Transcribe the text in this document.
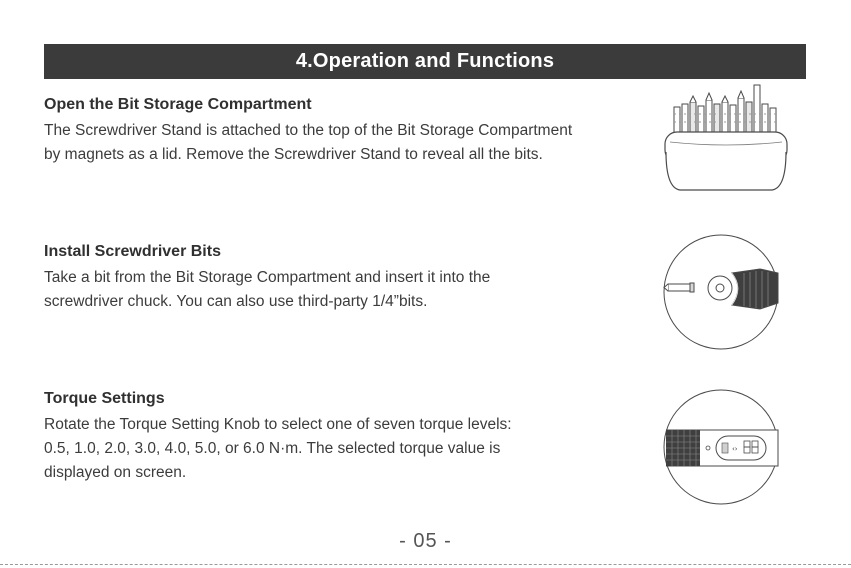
4.Operation and Functions
Open the Bit Storage Compartment

The Screwdriver Stand is attached to the top of the Bit Storage Compartment
by magnets as a lid. Remove the Screwdriver Stand to reveal all the bits.

Install Screwdriver Bits

Take a bit from the Bit Storage Compartment and insert it into the
screwdriver chuck. You can also use third-party 1/4”bits.

Torque Settings

Rotate the Torque Setting Knob to select one of seven torque levels:
0.5, 1.0, 2.0, 3.0, 4.0, 5.0, or 6.0 N·m. The selected torque value is
displayed on screen.

‹›
- 05 -
